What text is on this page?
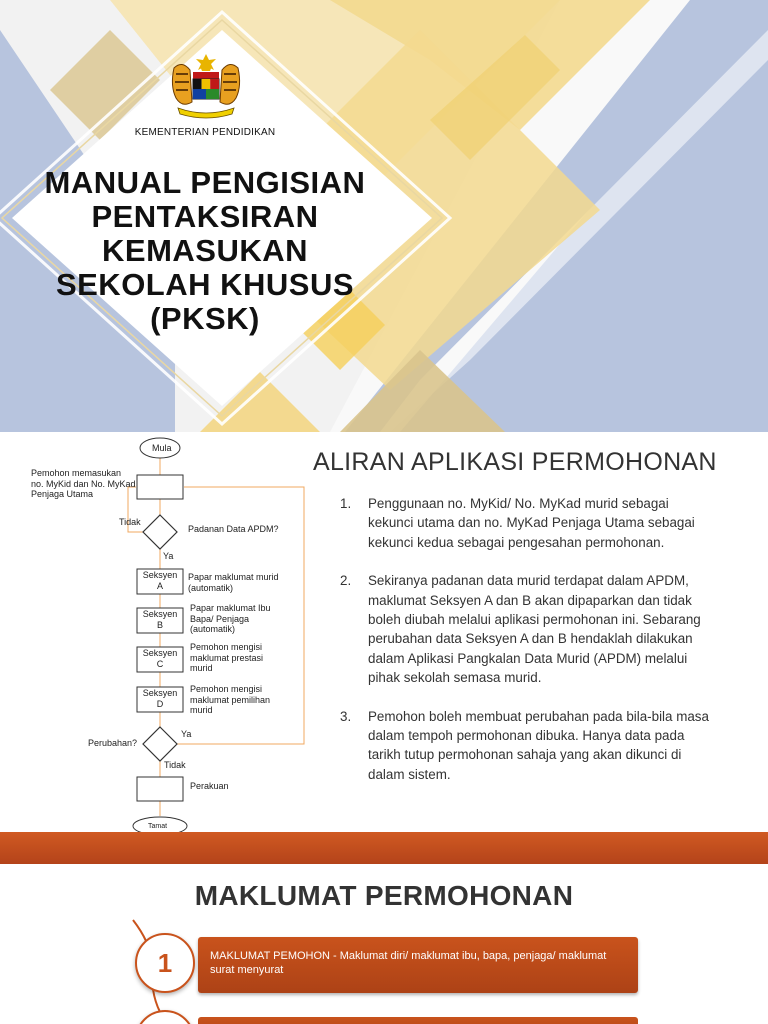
KEMENTERIAN PENDIDIKAN
MANUAL PENGISIAN
PENTAKSIRAN
KEMASUKAN
SEKOLAH KHUSUS
(PKSK)
Mula
Pemohon memasukan no. MyKid dan No. MyKad Penjaga Utama
Tidak
Padanan Data APDM?
Ya
Seksyen A
Papar maklumat murid (automatik)
Seksyen B
Papar maklumat Ibu Bapa/ Penjaga (automatik)
Seksyen C
Pemohon mengisi maklumat prestasi murid
Seksyen D
Pemohon mengisi maklumat pemilihan murid
Ya
Perubahan?
Tidak
Perakuan
Tamat
ALIRAN APLIKASI PERMOHONAN
1. Penggunaan no. MyKid/ No. MyKad murid sebagai kekunci utama dan no. MyKad Penjaga Utama sebagai kekunci kedua sebagai pengesahan permohonan.
2. Sekiranya padanan data murid terdapat dalam APDM, maklumat Seksyen A dan B akan dipaparkan dan tidak boleh diubah melalui aplikasi permohonan ini. Sebarang perubahan data Seksyen A dan B hendaklah dilakukan dalam Aplikasi Pangkalan Data Murid (APDM) melalui pihak sekolah semasa murid.
3. Pemohon boleh membuat perubahan pada bila-bila masa dalam tempoh permohonan dibuka. Hanya data pada tarikh tutup permohonan sahaja yang akan dikunci di dalam sistem.
MAKLUMAT PERMOHONAN
MAKLUMAT PEMOHON - Maklumat diri/ maklumat ibu, bapa, penjaga/ maklumat surat menyurat
1
